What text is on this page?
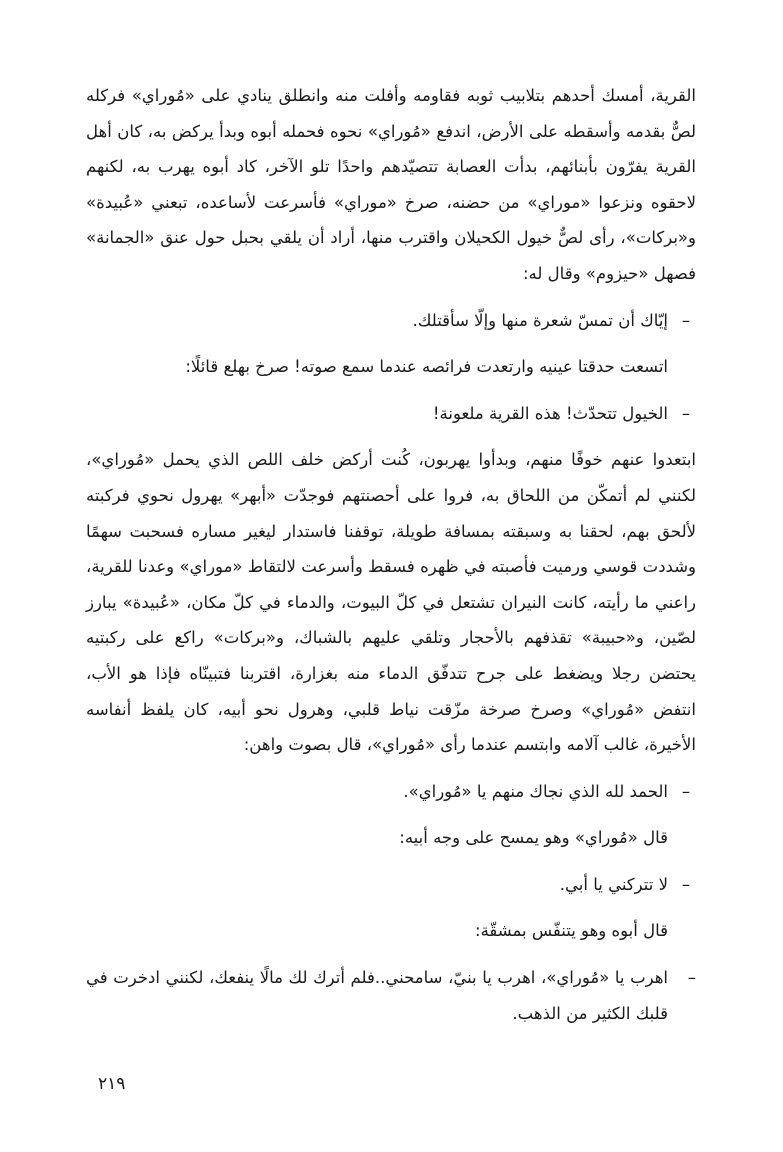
القرية، أمسك أحدهم بتلابيب ثوبه فقاومه وأفلت منه وانطلق ينادي على «مُوراي» فركله لصٌّ بقدمه وأسقطه على الأرض، اندفع «مُوراي» نحوه فحمله أبوه وبدأ يركض به، كان أهل القرية يفرّون بأبنائهم، بدأت العصابة تتصيّدهم واحدًا تلو الآخر، كاد أبوه يهرب به، لكنهم لاحقوه ونزعوا «موراي» من حضنه، صرخ «موراي» فأسرعت لأساعده، تبعني «عُبيدة» و«بركات»، رأى لصٌّ خيول الكحيلان واقترب منها، أراد أن يلقي بحبل حول عنق «الجمانة» فصهل «حيزوم» وقال له:

–
إيّاك أن تمسّ شعرة منها وإلّا سأقتلك.
اتسعت حدقتا عينيه وارتعدت فرائصه عندما سمع صوته! صرخ بهلع قائلًا:
–
الخيول تتحدّث! هذه القرية ملعونة!

ابتعدوا عنهم خوفًا منهم، وبدأوا يهربون، كُنت أركض خلف اللص الذي يحمل «مُوراي»، لكنني لم أتمكّن من اللحاق به، فروا على أحصنتهم فوجدّت «أبهر» يهرول نحوي فركبته لألحق بهم، لحقنا به وسبقته بمسافة طويلة، توقفنا فاستدار ليغير مساره فسحبت سهمًا وشددت قوسي ورميت فأصبته في ظهره فسقط وأسرعت لالتقاط «موراي» وعدنا للقرية، راعني ما رأيته، كانت النيران تشتعل في كلّ البيوت، والدماء في كلّ مكان، «عُبيدة» يبارز لصّين، و«حبيبة» تقذفهم بالأحجار وتلقي عليهم بالشباك، و«بركات» راكع على ركبتيه يحتضن رجلا ويضغط على جرح تتدفّق الدماء منه بغزارة، اقتربنا فتبينّاه فإذا هو الأب، انتفض «مُوراي» وصرخ صرخة مزّقت نياط قلبي، وهرول نحو أبيه، كان يلفظ أنفاسه الأخيرة، غالب آلامه وابتسم عندما رأى «مُوراي»، قال بصوت واهن:

–
الحمد لله الذي نجاك منهم يا «مُوراي».
قال «مُوراي» وهو يمسح على وجه أبيه:
–
لا تتركني يا أبي.
قال أبوه وهو يتنفّس بمشقّة:
–
اهرب يا «مُوراي»، اهرب يا بنيّ، سامحني..فلم أترك لك مالًا ينفعك، لكنني ادخرت في قلبك الكثير من الذهب.
٢١٩
